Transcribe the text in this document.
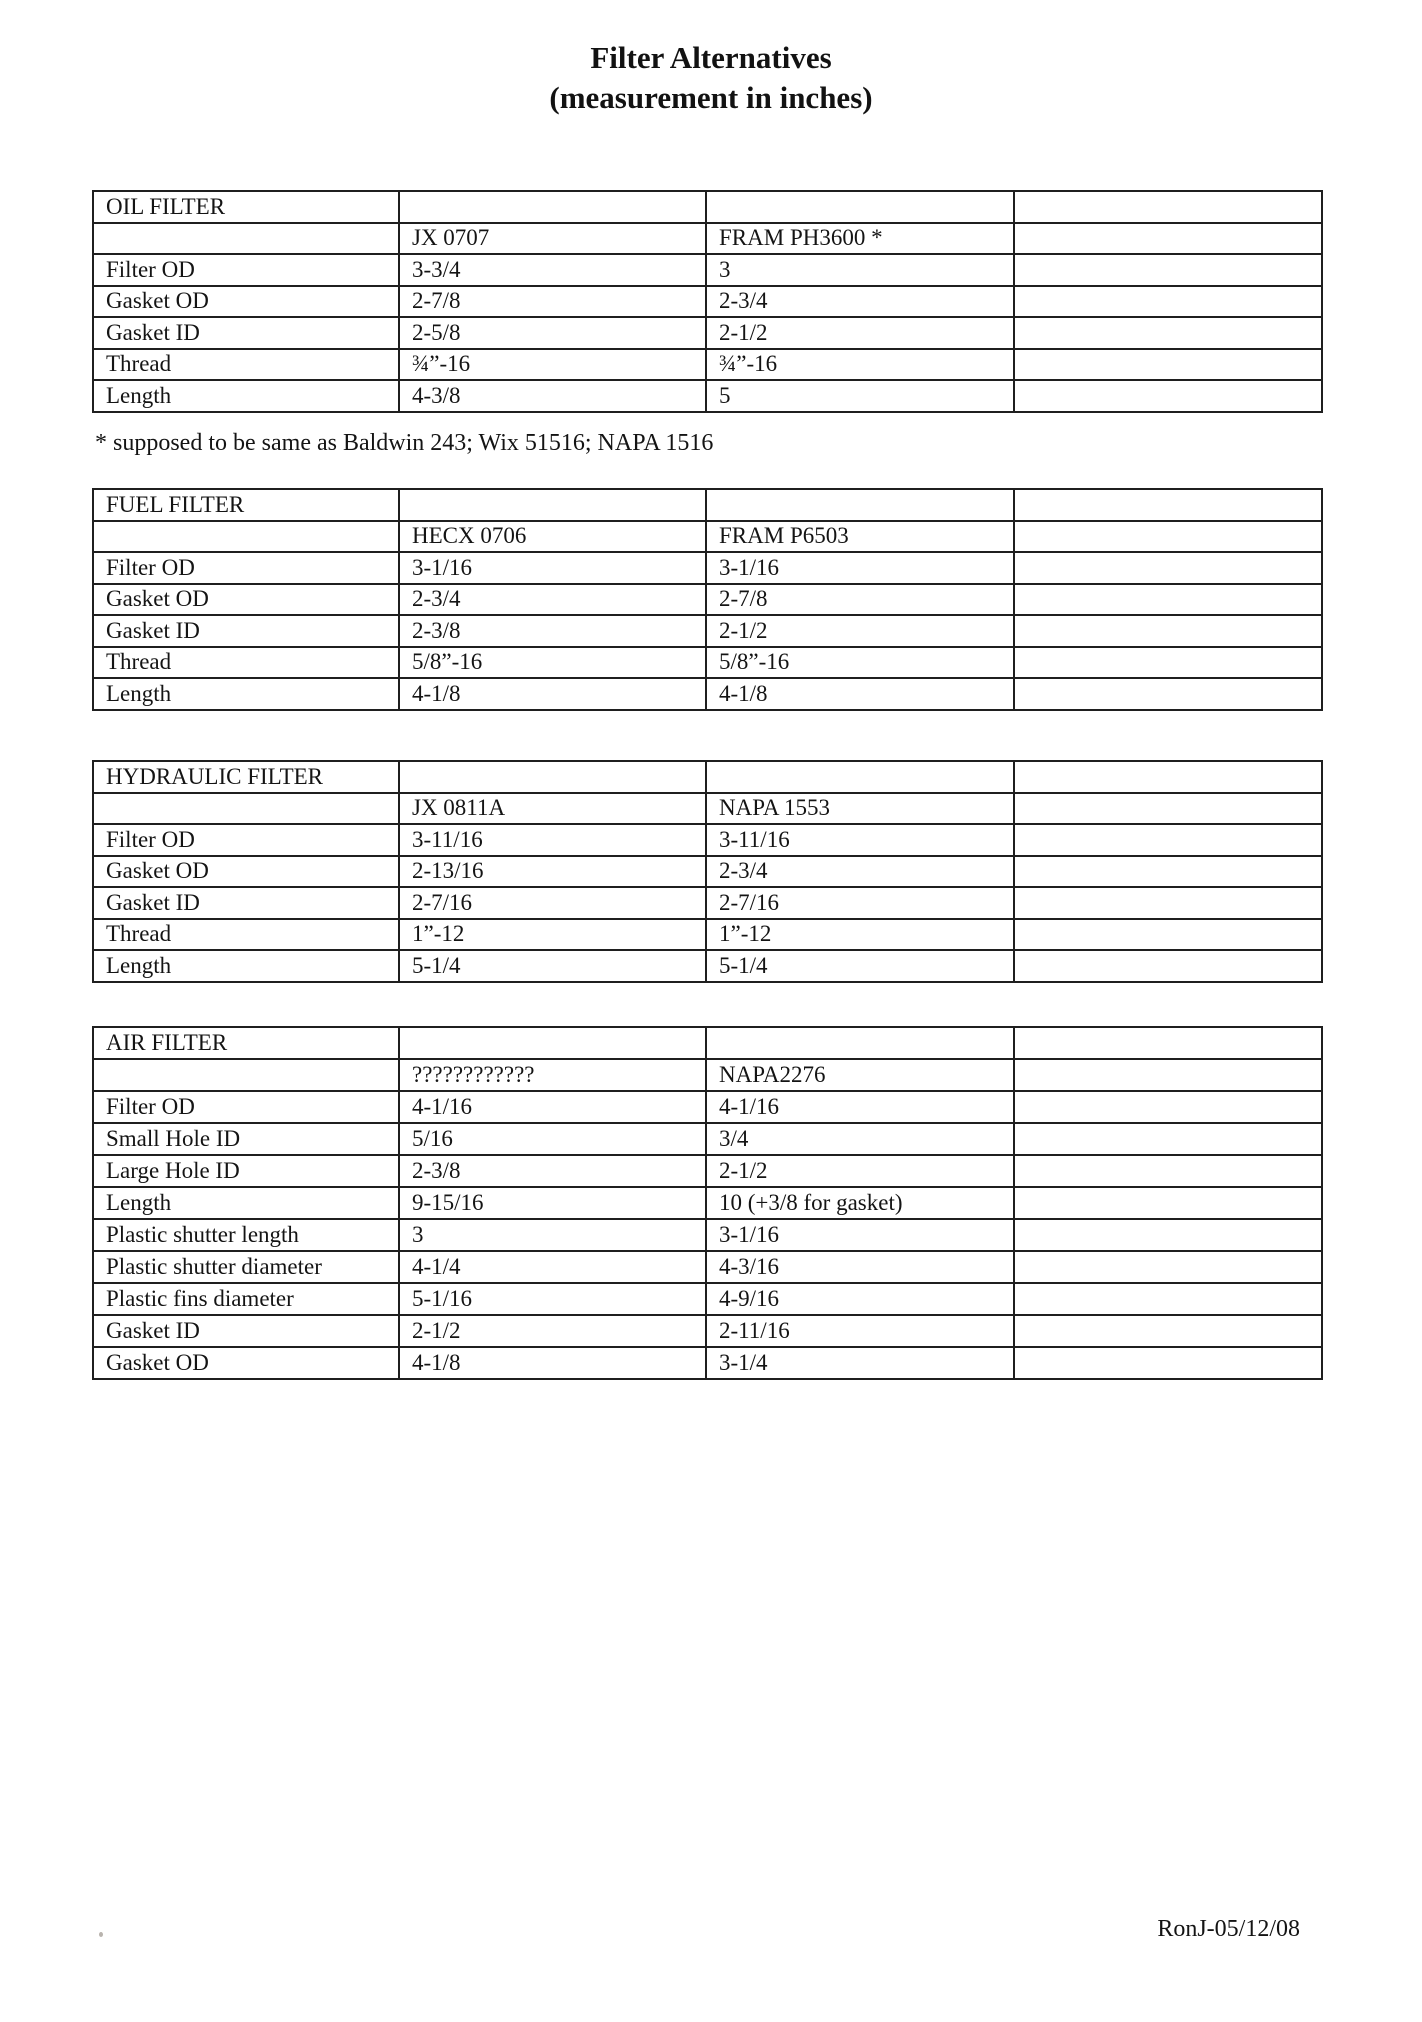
Filter Alternatives
(measurement in inches)
OIL FILTER			
	JX 0707	FRAM PH3600 *	
Filter OD	3-3/4	3	
Gasket OD	2-7/8	2-3/4	
Gasket ID	2-5/8	2-1/2	
Thread	¾”-16	¾”-16	
Length	4-3/8	5	
* supposed to be same as Baldwin 243; Wix 51516; NAPA 1516
FUEL FILTER			
	HECX 0706	FRAM P6503	
Filter OD	3-1/16	3-1/16	
Gasket OD	2-3/4	2-7/8	
Gasket ID	2-3/8	2-1/2	
Thread	5/8”-16	5/8”-16	
Length	4-1/8	4-1/8	
HYDRAULIC FILTER			
	JX 0811A	NAPA 1553	
Filter OD	3-11/16	3-11/16	
Gasket OD	2-13/16	2-3/4	
Gasket ID	2-7/16	2-7/16	
Thread	1”-12	1”-12	
Length	5-1/4	5-1/4	
AIR FILTER			
	????????????	NAPA2276	
Filter OD	4-1/16	4-1/16	
Small Hole ID	5/16	3/4	
Large Hole ID	2-3/8	2-1/2	
Length	9-15/16	10 (+3/8 for gasket)	
Plastic shutter length	3	3-1/16	
Plastic shutter diameter	4-1/4	4-3/16	
Plastic fins diameter	5-1/16	4-9/16	
Gasket ID	2-1/2	2-11/16	
Gasket OD	4-1/8	3-1/4	
RonJ-05/12/08
